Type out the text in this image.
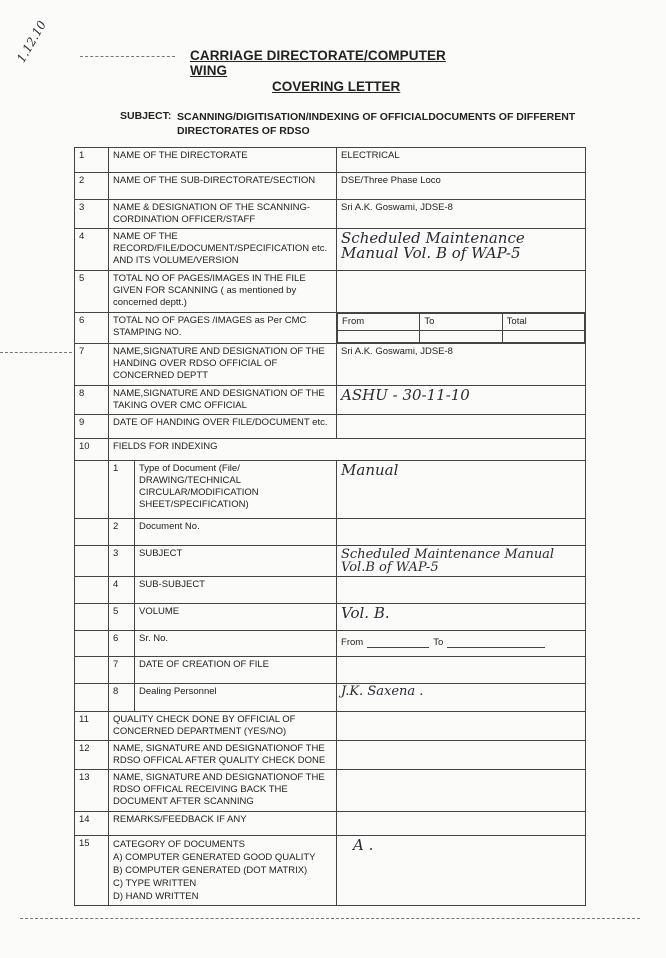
1.12.10	CARRIAGE DIRECTORATE/COMPUTER WING
COVERING LETTER
SUBJECT: SCANNING/DIGITISATION/INDEXING OF OFFICIALDOCUMENTS OF DIFFERENT DIRECTORATES OF RDSO
1	NAME OF THE DIRECTORATE	ELECTRICAL
2	NAME OF THE SUB-DIRECTORATE/SECTION	DSE/Three Phase Loco
3	NAME & DESIGNATION OF THE SCANNING-CORDINATION OFFICER/STAFF	Sri A.K. Goswami, JDSE-8
4	NAME OF THE RECORD/FILE/DOCUMENT/SPECIFICATION etc. AND ITS VOLUME/VERSION	Scheduled Maintenance Manual Vol. B of WAP-5
5	TOTAL NO OF PAGES/IMAGES IN THE FILE GIVEN FOR SCANNING ( as mentioned by concerned deptt.)	
6	TOTAL NO OF PAGES /IMAGES as Per CMC STAMPING NO.	
From	To	Total

7	NAME,SIGNATURE AND DESIGNATION OF THE HANDING OVER RDSO OFFICIAL OF CONCERNED DEPTT	Sri A.K. Goswami, JDSE-8
8	NAME,SIGNATURE AND DESIGNATION OF THE TAKING OVER CMC OFFICIAL	ASHU - 30-11-10
9	DATE OF HANDING OVER FILE/DOCUMENT etc.	
10	FIELDS FOR INDEXING
	1	Type of Document (File/ DRAWING/TECHNICAL CIRCULAR/MODIFICATION SHEET/SPECIFICATION)	Manual
	2	Document No.	
	3	SUBJECT	Scheduled Maintenance Manual Vol.B of WAP-5
	4	SUB-SUBJECT	
	5	VOLUME	Vol. B.
	6	Sr. No.	From	To

	7	DATE OF CREATION OF FILE	
	8	Dealing Personnel	J.K. Saxena .
11	QUALITY CHECK DONE BY OFFICIAL OF CONCERNED DEPARTMENT (YES/NO)	
12	NAME, SIGNATURE AND DESIGNATIONOF THE RDSO OFFICAL AFTER QUALITY CHECK DONE	
13	NAME, SIGNATURE AND DESIGNATIONOF THE RDSO OFFICAL RECEIVING BACK THE DOCUMENT AFTER SCANNING	
14	REMARKS/FEEDBACK IF ANY	
15	CATEGORY OF DOCUMENTS
A) COMPUTER GENERATED GOOD QUALITY
B) COMPUTER GENERATED (DOT MATRIX)
C) TYPE WRITTEN
D) HAND WRITTEN
	A .
